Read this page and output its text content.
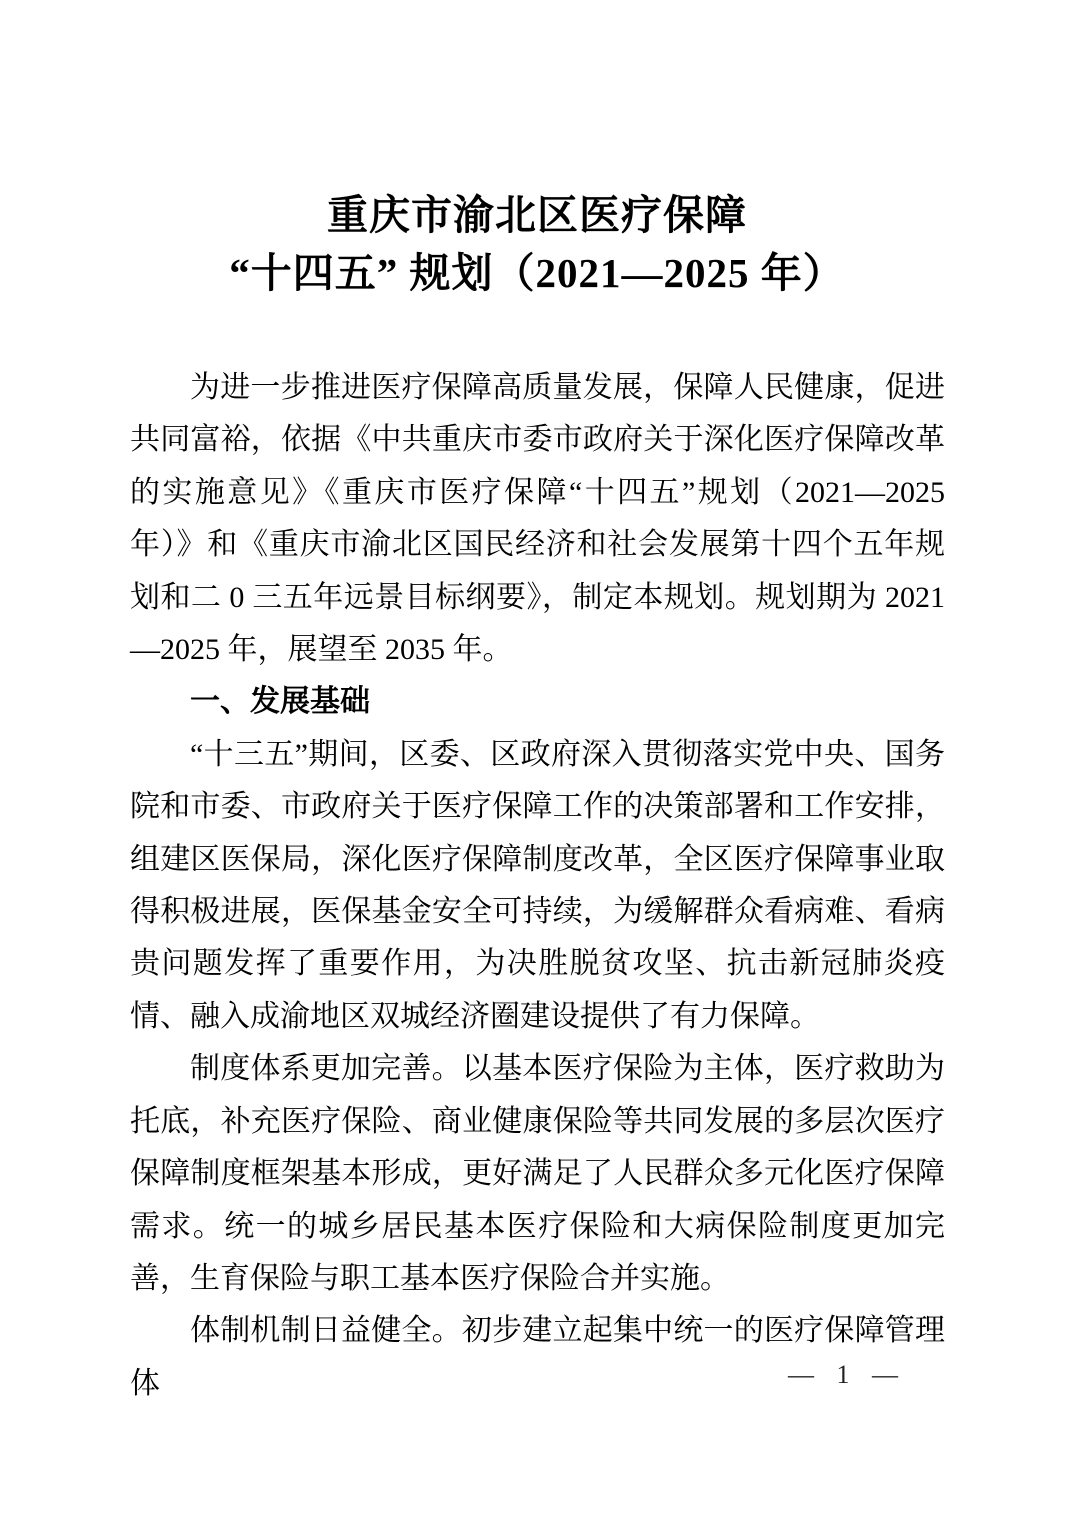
重庆市渝北区医疗保障
“十四五” 规划（2021—2025 年）

为进一步推进医疗保障高质量发展，保障人民健康，促进共同富裕，依据《中共重庆市委市政府关于深化医疗保障改革的实施意见》《重庆市医疗保障“十四五”规划（2021—2025 年）》和《重庆市渝北区国民经济和社会发展第十四个五年规划和二 0 三五年远景目标纲要》，制定本规划。规划期为 2021—2025 年，展望至 2035 年。

一、发展基础

“十三五”期间，区委、区政府深入贯彻落实党中央、国务院和市委、市政府关于医疗保障工作的决策部署和工作安排，组建区医保局，深化医疗保障制度改革，全区医疗保障事业取得积极进展，医保基金安全可持续，为缓解群众看病难、看病贵问题发挥了重要作用，为决胜脱贫攻坚、抗击新冠肺炎疫情、融入成渝地区双城经济圈建设提供了有力保障。

制度体系更加完善。以基本医疗保险为主体，医疗救助为托底，补充医疗保险、商业健康保险等共同发展的多层次医疗保障制度框架基本形成，更好满足了人民群众多元化医疗保障需求。统一的城乡居民基本医疗保险和大病保险制度更加完善，生育保险与职工基本医疗保险合并实施。

体制机制日益健全。初步建立起集中统一的医疗保障管理体	— 1 —
